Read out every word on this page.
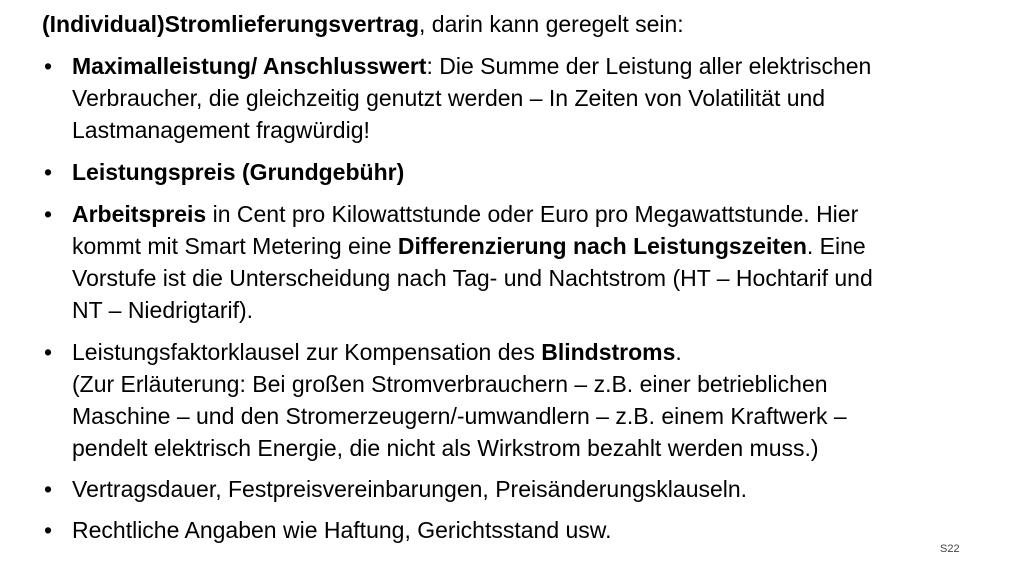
(Individual)Stromlieferungsvertrag, darin kann geregelt sein:
• Maximalleistung/ Anschlusswert: Die Summe der Leistung aller elektrischen
Verbraucher, die gleichzeitig genutzt werden – In Zeiten von Volatilität und
Lastmanagement fragwürdig!
• Leistungspreis (Grundgebühr)
• Arbeitspreis in Cent pro Kilowattstunde oder Euro pro Megawattstunde. Hier
kommt mit Smart Metering eine Differenzierung nach Leistungszeiten. Eine
Vorstufe ist die Unterscheidung nach Tag- und Nachtstrom (HT – Hochtarif und
NT – Niedrigtarif).
• Leistungsfaktorklausel zur Kompensation des Blindstroms.
(Zur Erläuterung: Bei großen Stromverbrauchern – z.B. einer betrieblichen
Maschine – und den Stromerzeugern/-umwandlern – z.B. einem Kraftwerk –
pendelt elektrisch Energie, die nicht als Wirkstrom bezahlt werden muss.)
• Vertragsdauer, Festpreisvereinbarungen, Preisänderungsklauseln.
• Rechtliche Angaben wie Haftung, Gerichtsstand usw.
S22
